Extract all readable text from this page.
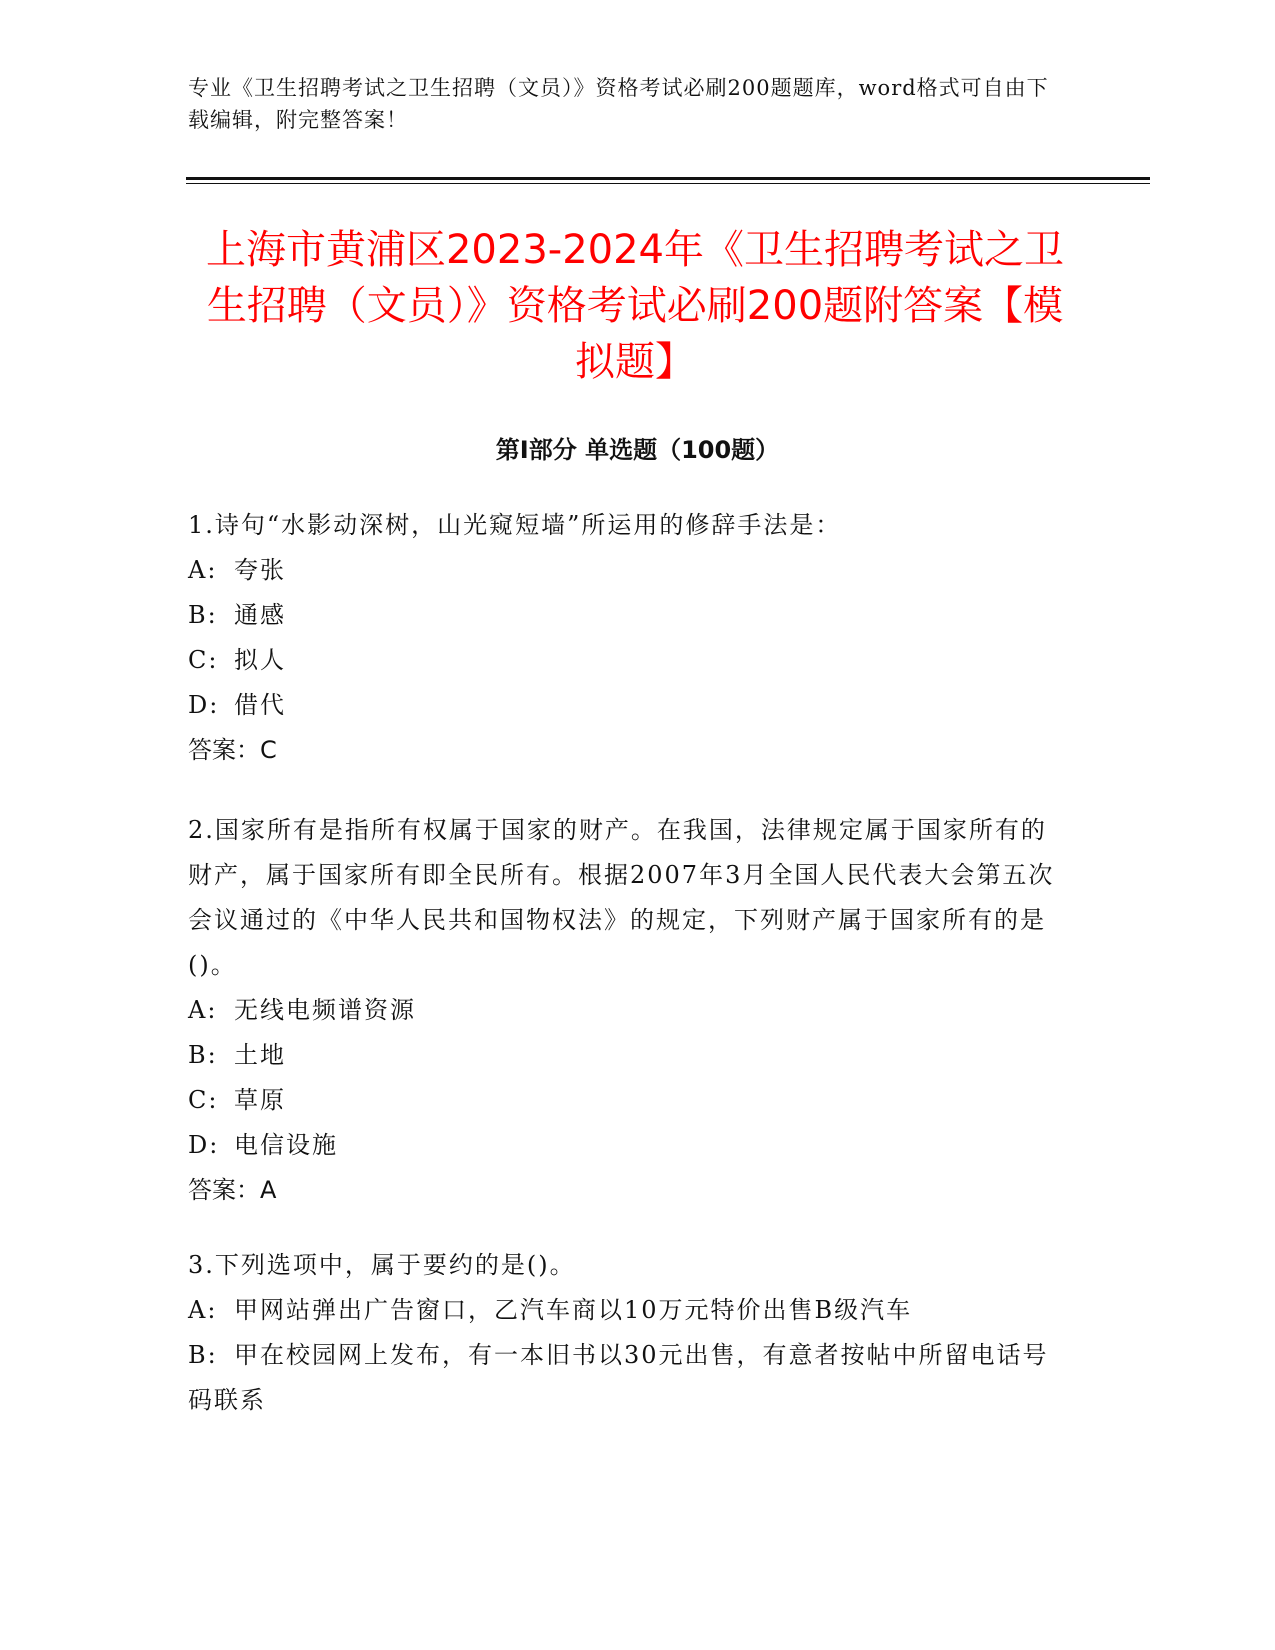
专业《卫生招聘考试之卫生招聘（文员）》资格考试必刷200题题库，word格式可自由下载编辑，附完整答案！

上海市黄浦区2023-2024年《卫生招聘考试之卫生招聘（文员）》资格考试必刷200题附答案【模拟题】
第Ⅰ部分 单选题（100题）

1.诗句“水影动深树，山光窥短墙”所运用的修辞手法是：

A: 夸张
B: 通感
C: 拟人
D: 借代

答案：C

2.国家所有是指所有权属于国家的财产。在我国，法律规定属于国家所有的财产，属于国家所有即全民所有。根据2007年3月全国人民代表大会第五次会议通过的《中华人民共和国物权法》的规定，下列财产属于国家所有的是()。

A: 无线电频谱资源
B: 土地
C: 草原
D: 电信设施

答案：A

3.下列选项中，属于要约的是()。

A: 甲网站弹出广告窗口，乙汽车商以10万元特价出售B级汽车
B: 甲在校园网上发布，有一本旧书以30元出售，有意者按帖中所留电话号码联系
